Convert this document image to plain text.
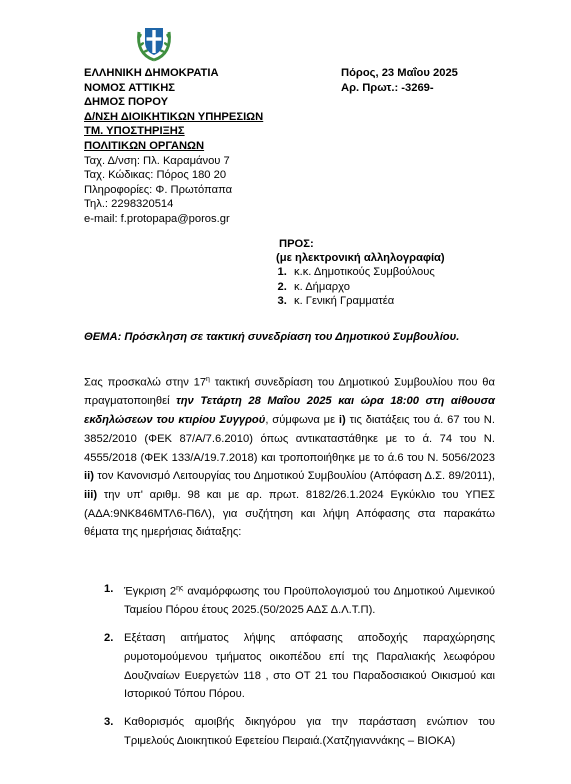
ΕΛΛΗΝΙΚΗ ΔΗΜΟΚΡΑΤΙΑ
ΝΟΜΟΣ ΑΤΤΙΚΗΣ
ΔΗΜΟΣ ΠΟΡΟΥ
Δ/ΝΣΗ ΔΙΟΙΚΗΤΙΚΩΝ ΥΠΗΡΕΣΙΩΝ
ΤΜ. ΥΠΟΣΤΗΡΙΞΗΣ
ΠΟΛΙΤΙΚΩΝ ΟΡΓΑΝΩΝ
Ταχ. Δ/νση: Πλ. Καραμάνου 7
Ταχ. Κώδικας: Πόρος 180 20
Πληροφορίες: Φ. Πρωτόπαπα
Τηλ.: 2298320514
e-mail: f.protopapa@poros.gr
Πόρος, 23 Μαΐου 2025
Αρ. Πρωτ.: -3269-
ΠΡΟΣ:
(με ηλεκτρονική αλληλογραφία)
1. κ.κ. Δημοτικούς Συμβούλους
2. κ. Δήμαρχο
3. κ. Γενική Γραμματέα
ΘΕΜΑ: Πρόσκληση σε τακτική συνεδρίαση του Δημοτικού Συμβουλίου.
Σας προσκαλώ στην $17^\eta$ τακτική συνεδρίαση του Δημοτικού Συμβουλίου που θα πραγματοποιηθεί την Τετάρτη 28 Μαΐου 2025 και ώρα 18:00 στη αίθουσα εκδηλώσεων του κτιρίου Συγγρού, σύμφωνα με i) τις διατάξεις του ά. 67 του Ν. 3852/2010 (ΦΕΚ 87/Α/7.6.2010) όπως αντικαταστάθηκε με το ά. 74 του Ν. 4555/2018 (ΦΕΚ 133/Α/19.7.2018) και τροποποιήθηκε με το ά.6 του Ν. 5056/2023 ii) τον Κανονισμό Λειτουργίας του Δημοτικού Συμβουλίου (Απόφαση Δ.Σ. 89/2011), iii) την υπ' αριθμ. 98 και με αρ. πρωτ. 8182/26.1.2024 Εγκύκλιο του ΥΠΕΣ (ΑΔΑ:9ΝΚ846ΜΤΛ6-Π6Λ), για συζήτηση και λήψη Απόφασης στα παρακάτω θέματα της ημερήσιας διάταξης:
1. Έγκριση $2^{\eta\varsigma}$ αναμόρφωσης του Προϋπολογισμού του Δημοτικού Λιμενικού Ταμείου Πόρου έτους 2025.(50/2025 ΑΔΣ Δ.Λ.Τ.Π).
2. Εξέταση αιτήματος λήψης απόφασης αποδοχής παραχώρησης ρυμοτομούμενου τμήματος οικοπέδου επί της Παραλιακής λεωφόρου Δουζιναίων Ευεργετών 118 , στο ΟΤ 21 του Παραδοσιακού Οικισμού και Ιστορικού Τόπου Πόρου.
3. Καθορισμός αμοιβής δικηγόρου για την παράσταση ενώπιον του Τριμελούς Διοικητικού Εφετείου Πειραιά.(Χατζηγιαννάκης – ΒΙΟΚΑ)
